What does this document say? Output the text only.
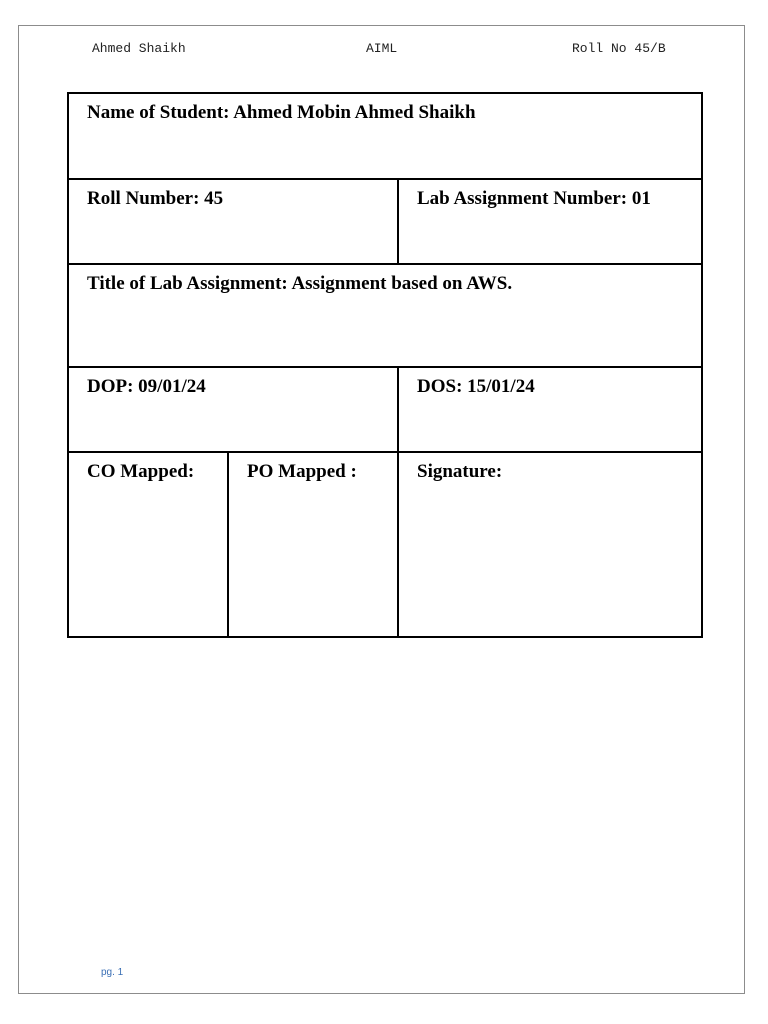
Ahmed Shaikh	AIML	Roll No 45/B
Name of Student: Ahmed Mobin Ahmed Shaikh		
Roll Number: 45		Lab Assignment Number: 01
Title of Lab Assignment: Assignment based on AWS.		
DOP: 09/01/24		DOS: 15/01/24
CO Mapped:	PO Mapped :	Signature:
pg. 1
